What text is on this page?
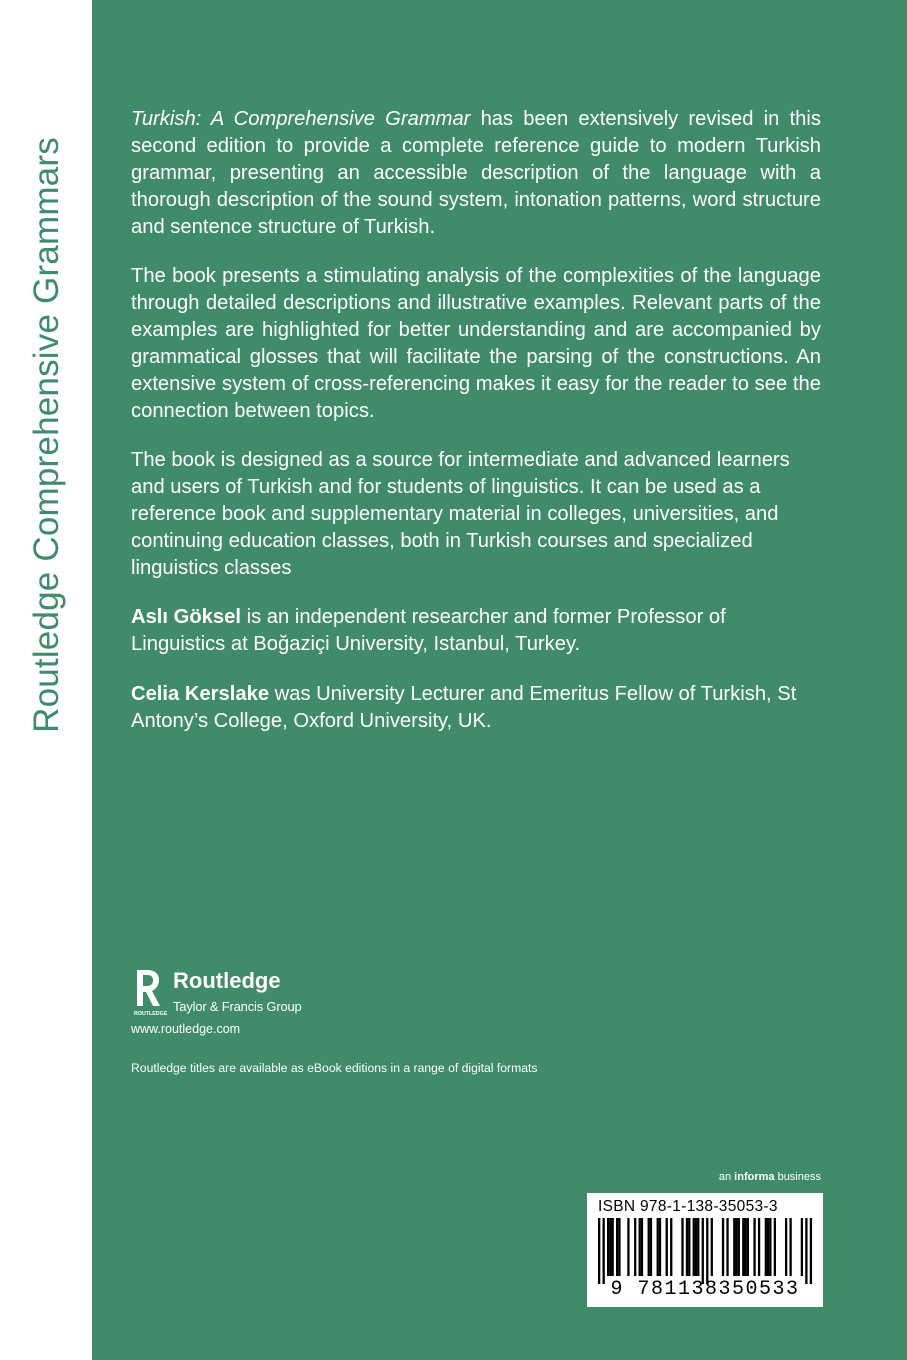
Routledge Comprehensive Grammars

Turkish: A Comprehensive Grammar has been extensively revised in this second edition to provide a complete reference guide to modern Turkish grammar, presenting an accessible description of the language with a thorough description of the sound system, intonation patterns, word structure and sentence structure of Turkish.

The book presents a stimulating analysis of the complexities of the language through detailed descriptions and illustrative examples. Relevant parts of the examples are highlighted for better understanding and are accompanied by grammatical glosses that will facilitate the parsing of the constructions. An extensive system of cross-referencing makes it easy for the reader to see the connection between topics.

The book is designed as a source for intermediate and advanced learners and users of Turkish and for students of linguistics. It can be used as a reference book and supplementary material in colleges, universities, and continuing education classes, both in Turkish courses and specialized linguistics classes

Aslı Göksel is an independent researcher and former Professor of Linguistics at Boğaziçi University, Istanbul, Turkey.

Celia Kerslake was University Lecturer and Emeritus Fellow of Turkish, St Antony’s College, Oxford University, UK.

ROUTLEDGE
Routledge
Taylor & Francis Group
www.routledge.com
Routledge titles are available as eBook editions in a range of digital formats
an informa business
ISBN 978-1-138-35053-3
9 781138350533
